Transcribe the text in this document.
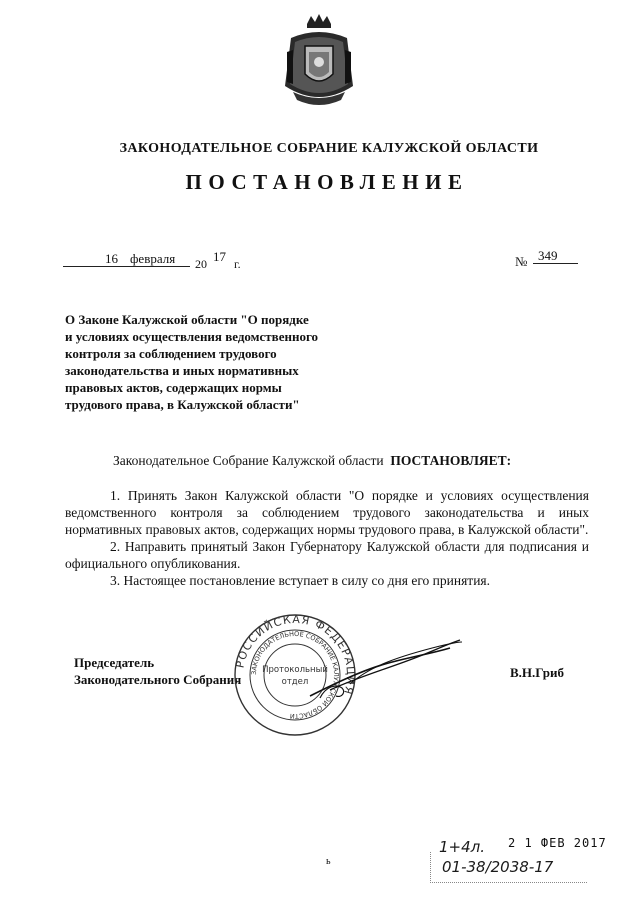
ЗАКОНОДАТЕЛЬНОЕ СОБРАНИЕ КАЛУЖСКОЙ ОБЛАСТИ
ПОСТАНОВЛЕНИЕ
16 февраля 20 17 г.	№ 349
О Законе Калужской области "О порядке
и условиях осуществления ведомственного
контроля за соблюдением трудового
законодательства и иных нормативных
правовых актов, содержащих нормы
трудового права, в Калужской области"
Законодательное Собрание Калужской области ПОСТАНОВЛЯЕТ:

1. Принять Закон Калужской области "О порядке и условиях осуществления ведомственного контроля за соблюдением трудового законодательства и иных нормативных правовых актов, содержащих нормы трудового права, в Калужской области".

2. Направить принятый Закон Губернатору Калужской области для подписания и официального опубликования.

3. Настоящее постановление вступает в силу со дня его принятия.

Председатель
Законодательного Собрания	В.Н.Гриб
РОССИЙСКАЯ ФЕДЕРАЦИЯ
ЗАКОНОДАТЕЛЬНОЕ СОБРАНИЕ КАЛУЖСКОЙ ОБЛАСТИ
Протокольный
отдел
1+4л. 2 1 ФЕВ 2017
01-38/2038-17
ь
